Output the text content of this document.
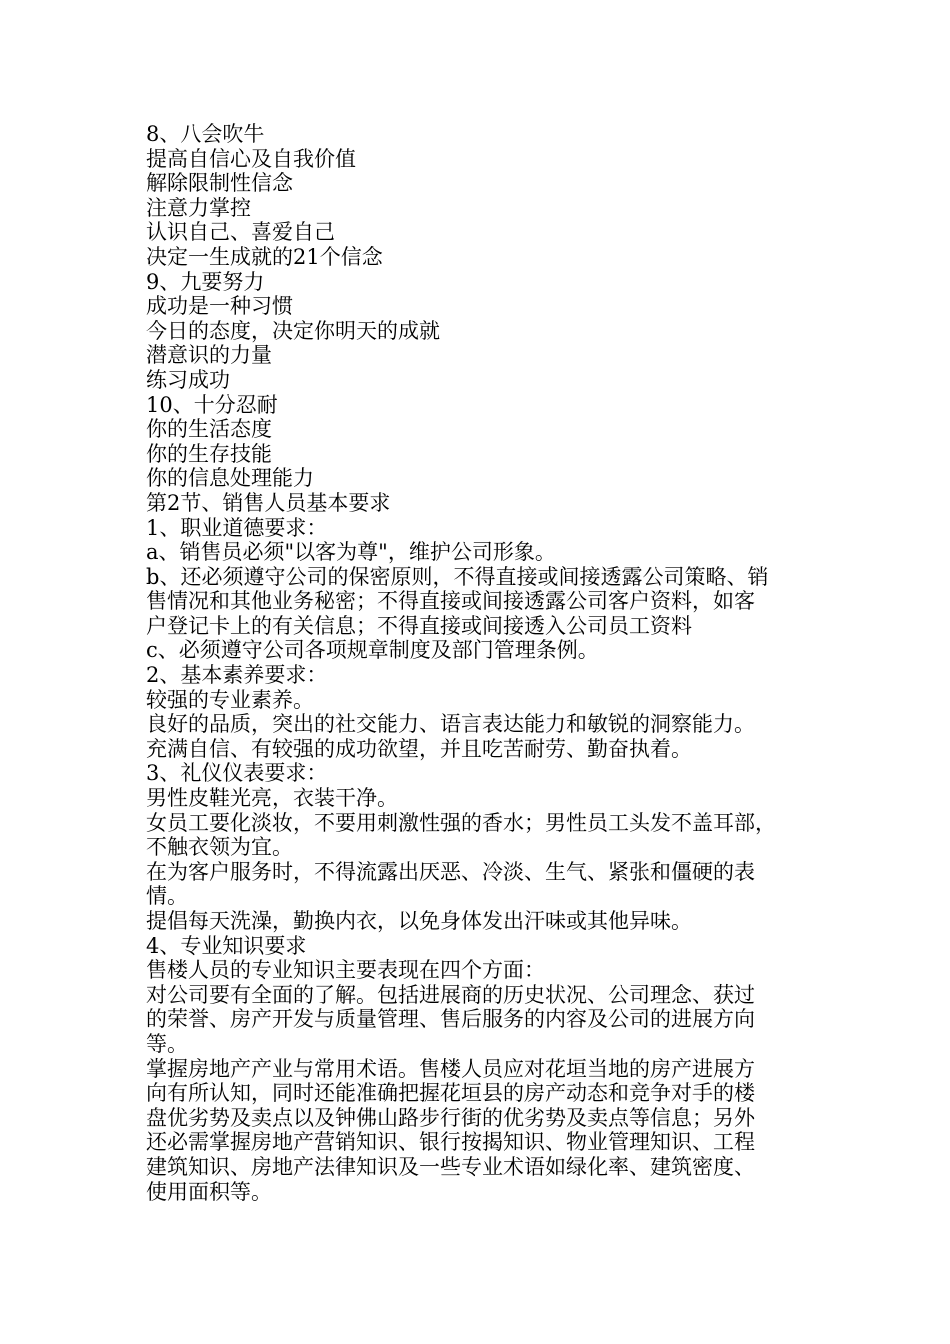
8、八会吹牛
提高自信心及自我价值
解除限制性信念
注意力掌控
认识自己、喜爱自己
决定一生成就的21个信念
9、九要努力
成功是一种习惯
今日的态度，决定你明天的成就
潜意识的力量
练习成功
10、十分忍耐
你的生活态度
你的生存技能
你的信息处理能力
第2节、销售人员基本要求
1、职业道德要求：
a、销售员必须"以客为尊"，维护公司形象。
b、还必须遵守公司的保密原则，不得直接或间接透露公司策略、销
售情况和其他业务秘密；不得直接或间接透露公司客户资料，如客
户登记卡上的有关信息；不得直接或间接透入公司员工资料
c、必须遵守公司各项规章制度及部门管理条例。
2、基本素养要求：
较强的专业素养。
良好的品质，突出的社交能力、语言表达能力和敏锐的洞察能力。
充满自信、有较强的成功欲望，并且吃苦耐劳、勤奋执着。
3、礼仪仪表要求：
男性皮鞋光亮，衣装干净。
女员工要化淡妆，不要用刺激性强的香水；男性员工头发不盖耳部，
不触衣领为宜。
在为客户服务时，不得流露出厌恶、冷淡、生气、紧张和僵硬的表
情。
提倡每天洗澡，勤换内衣，以免身体发出汗味或其他异味。
4、专业知识要求
售楼人员的专业知识主要表现在四个方面：
对公司要有全面的了解。包括进展商的历史状况、公司理念、获过
的荣誉、房产开发与质量管理、售后服务的内容及公司的进展方向
等。
掌握房地产产业与常用术语。售楼人员应对花垣当地的房产进展方
向有所认知，同时还能准确把握花垣县的房产动态和竞争对手的楼
盘优劣势及卖点以及钟佛山路步行街的优劣势及卖点等信息；另外
还必需掌握房地产营销知识、银行按揭知识、物业管理知识、工程
建筑知识、房地产法律知识及一些专业术语如绿化率、建筑密度、
使用面积等。
